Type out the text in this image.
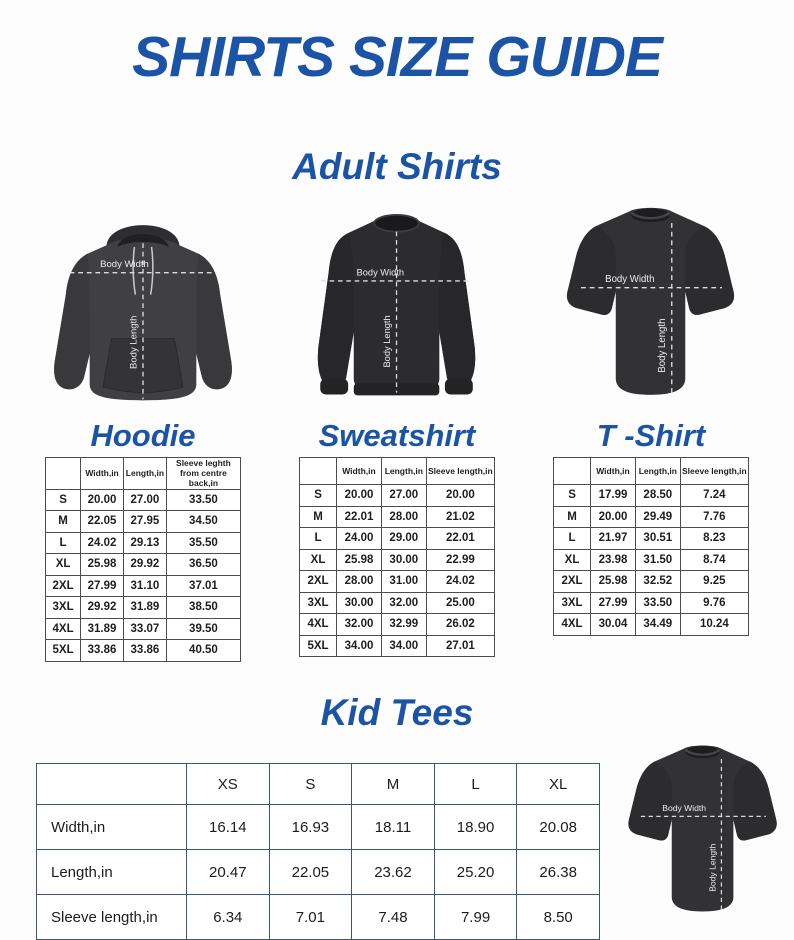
SHIRTS SIZE GUIDE
Adult Shirts
Body Width
Body Length
Hoodie
	Width,in	Length,in	Sleeve leghth from centre back,in
S	20.00	27.00	33.50
M	22.05	27.95	34.50
L	24.02	29.13	35.50
XL	25.98	29.92	36.50
2XL	27.99	31.10	37.01
3XL	29.92	31.89	38.50
4XL	31.89	33.07	39.50
5XL	33.86	33.86	40.50
Body Width
Body Length
Sweatshirt
	Width,in	Length,in	Sleeve length,in
S	20.00	27.00	20.00
M	22.01	28.00	21.02
L	24.00	29.00	22.01
XL	25.98	30.00	22.99
2XL	28.00	31.00	24.02
3XL	30.00	32.00	25.00
4XL	32.00	32.99	26.02
5XL	34.00	34.00	27.01
Body Width
Body Length
T -Shirt
	Width,in	Length,in	Sleeve length,in
S	17.99	28.50	7.24
M	20.00	29.49	7.76
L	21.97	30.51	8.23
XL	23.98	31.50	8.74
2XL	25.98	32.52	9.25
3XL	27.99	33.50	9.76
4XL	30.04	34.49	10.24
Kid Tees
	XS	S	M	L	XL
Width,in	16.14	16.93	18.11	18.90	20.08
Length,in	20.47	22.05	23.62	25.20	26.38
Sleeve length,in	6.34	7.01	7.48	7.99	8.50
Body Width
Body Length
